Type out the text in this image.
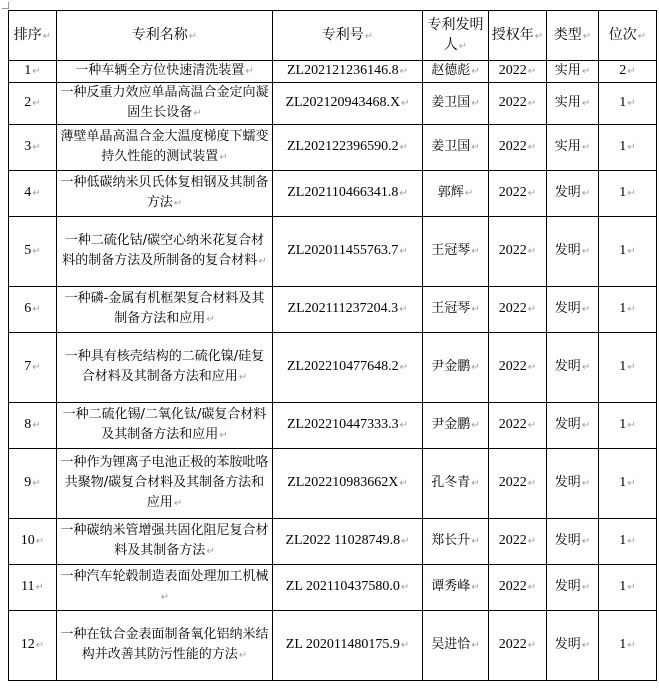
排序↵	专利名称↵	专利号↵	专利发明人↵	授权年↵	类型↵	位次↵
1↵	一种车辆全方位快速清洗装置↵	ZL202121236146.8↵	赵德彪↵	2022↵	实用↵	2↵
2↵	一种反重力效应单晶高温合金定向凝固生长设备↵	ZL202120943468.X↵	姜卫国↵	2022↵	实用↵	1↵
3↵	薄壁单晶高温合金大温度梯度下蠕变持久性能的测试装置↵	ZL202122396590.2↵	姜卫国↵	2022↵	实用↵	1↵
4↵	一种低碳纳米贝氏体复相钢及其制备方法↵	ZL202110466341.8↵	郭辉↵	2022↵	发明↵	1↵
5↵	一种二硫化钴/碳空心纳米花复合材料的制备方法及所制备的复合材料↵	ZL202011455763.7↵	王冠琴↵	2022↵	发明↵	1↵
6↵	一种磷-金属有机框架复合材料及其制备方法和应用↵	ZL202111237204.3↵	王冠琴↵	2022↵	发明↵	1↵
7↵	一种具有核壳结构的二硫化镍/硅复合材料及其制备方法和应用↵	ZL202210477648.2↵	尹金鹏↵	2022↵	发明↵	1↵
8↵	一种二硫化锡/二氧化钛/碳复合材料及其制备方法和应用↵	ZL202210447333.3↵	尹金鹏↵	2022↵	发明↵	1↵
9↵	一种作为锂离子电池正极的苯胺吡咯共聚物/碳复合材料及其制备方法和应用↵	ZL202210983662X↵	孔冬青↵	2022↵	发明↵	1↵
10↵	一种碳纳米管增强共固化阻尼复合材料及其制备方法↵	ZL2022 11028749.8↵	郑长升↵	2022↵	发明↵	1↵
11↵	一种汽车轮毂制造表面处理加工机械↵	ZL 202110437580.0↵	谭秀峰↵	2022↵	发明↵	1↵
12↵	一种在钛合金表面制备氧化铝纳米结构并改善其防污性能的方法↵	ZL 202011480175.9↵	吴进恰↵	2022↵	发明↵	1↵
